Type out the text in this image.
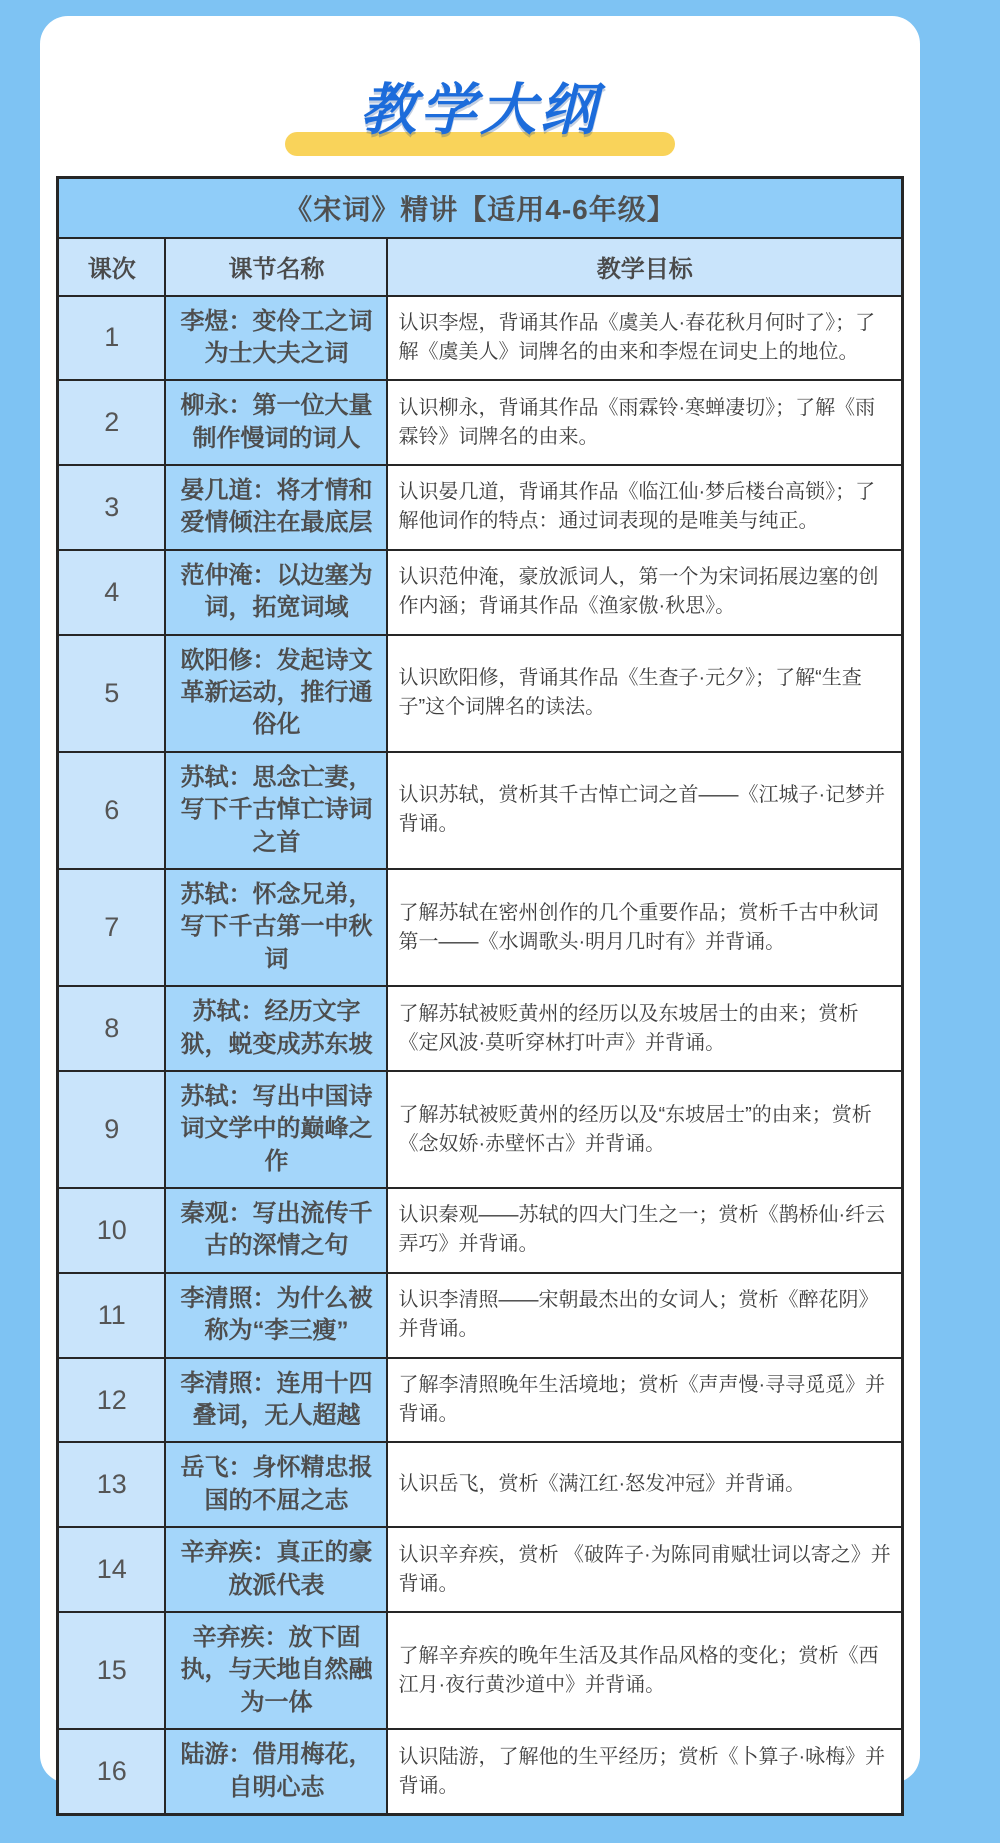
教学大纲
《宋词》精讲【适用4-6年级】		
课次	课节名称	教学目标
1	李煜：变伶工之词为士大夫之词	认识李煜，背诵其作品《虞美人·春花秋月何时了》；了解《虞美人》词牌名的由来和李煜在词史上的地位。
2	柳永：第一位大量制作慢词的词人	认识柳永，背诵其作品《雨霖铃·寒蝉凄切》；了解《雨霖铃》词牌名的由来。
3	晏几道：将才情和爱情倾注在最底层	认识晏几道，背诵其作品《临江仙·梦后楼台高锁》；了解他词作的特点：通过词表现的是唯美与纯正。
4	范仲淹：以边塞为词，拓宽词域	认识范仲淹，豪放派词人，第一个为宋词拓展边塞的创作内涵；背诵其作品《渔家傲·秋思》。
5	欧阳修：发起诗文革新运动，推行通俗化	认识欧阳修，背诵其作品《生查子·元夕》；了解“生查子”这个词牌名的读法。
6	苏轼：思念亡妻，写下千古悼亡诗词之首	认识苏轼，赏析其千古悼亡词之首——《江城子·记梦并背诵。
7	苏轼：怀念兄弟，写下千古第一中秋词	了解苏轼在密州创作的几个重要作品；赏析千古中秋词第一——《水调歌头·明月几时有》并背诵。
8	苏轼：经历文字狱，蜕变成苏东坡	了解苏轼被贬黄州的经历以及东坡居士的由来；赏析《定风波·莫听穿林打叶声》并背诵。
9	苏轼：写出中国诗词文学中的巅峰之作	了解苏轼被贬黄州的经历以及“东坡居士”的由来；赏析《念奴娇·赤壁怀古》并背诵。
10	秦观：写出流传千古的深情之句	认识秦观——苏轼的四大门生之一；赏析《鹊桥仙·纤云弄巧》并背诵。
11	李清照：为什么被称为“李三瘦”	认识李清照——宋朝最杰出的女词人；赏析《醉花阴》并背诵。
12	李清照：连用十四叠词，无人超越	了解李清照晚年生活境地；赏析《声声慢·寻寻觅觅》并背诵。
13	岳飞：身怀精忠报国的不屈之志	认识岳飞，赏析《满江红·怒发冲冠》并背诵。
14	辛弃疾：真正的豪放派代表	认识辛弃疾，赏析 《破阵子·为陈同甫赋壮词以寄之》并背诵。
15	辛弃疾：放下固执，与天地自然融为一体	了解辛弃疾的晚年生活及其作品风格的变化；赏析《西江月·夜行黄沙道中》并背诵。
16	陆游：借用梅花，自明心志	认识陆游，了解他的生平经历；赏析《卜算子·咏梅》并背诵。
